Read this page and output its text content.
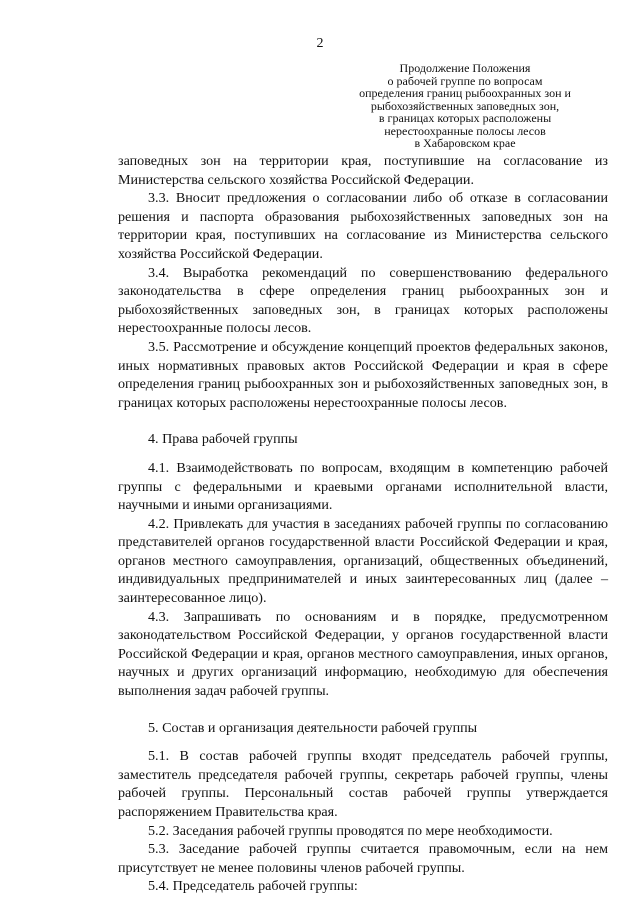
2
Продолжение Положения
о рабочей группе по вопросам
определения границ рыбоохранных зон и
рыбохозяйственных заповедных зон,
в границах которых расположены
нерестоохранные полосы лесов
в Хабаровском крае

заповедных зон на территории края, поступившие на согласование из Министерства сельского хозяйства Российской Федерации.

3.3. Вносит предложения о согласовании либо об отказе в согласовании решения и паспорта образования рыбохозяйственных заповедных зон на территории края, поступивших на согласование из Министерства сельского хозяйства Российской Федерации.

3.4. Выработка рекомендаций по совершенствованию федерального законодательства в сфере определения границ рыбоохранных зон и рыбохозяйственных заповедных зон, в границах которых расположены нерестоохранные полосы лесов.

3.5. Рассмотрение и обсуждение концепций проектов федеральных законов, иных нормативных правовых актов Российской Федерации и края в сфере определения границ рыбоохранных зон и рыбохозяйственных заповедных зон, в границах которых расположены нерестоохранные полосы лесов.

4. Права рабочей группы

4.1. Взаимодействовать по вопросам, входящим в компетенцию рабочей группы с федеральными и краевыми органами исполнительной власти, научными и иными организациями.

4.2. Привлекать для участия в заседаниях рабочей группы по согласованию представителей органов государственной власти Российской Федерации и края, органов местного самоуправления, организаций, общественных объединений, индивидуальных предпринимателей и иных заинтересованных лиц (далее – заинтересованное лицо).

4.3. Запрашивать по основаниям и в порядке, предусмотренном законодательством Российской Федерации, у органов государственной власти Российской Федерации и края, органов местного самоуправления, иных органов, научных и других организаций информацию, необходимую для обеспечения выполнения задач рабочей группы.

5. Состав и организация деятельности рабочей группы

5.1. В состав рабочей группы входят председатель рабочей группы, заместитель председателя рабочей группы, секретарь рабочей группы, члены рабочей группы. Персональный состав рабочей группы утверждается распоряжением Правительства края.

5.2. Заседания рабочей группы проводятся по мере необходимости.

5.3. Заседание рабочей группы считается правомочным, если на нем присутствует не менее половины членов рабочей группы.

5.4. Председатель рабочей группы:
